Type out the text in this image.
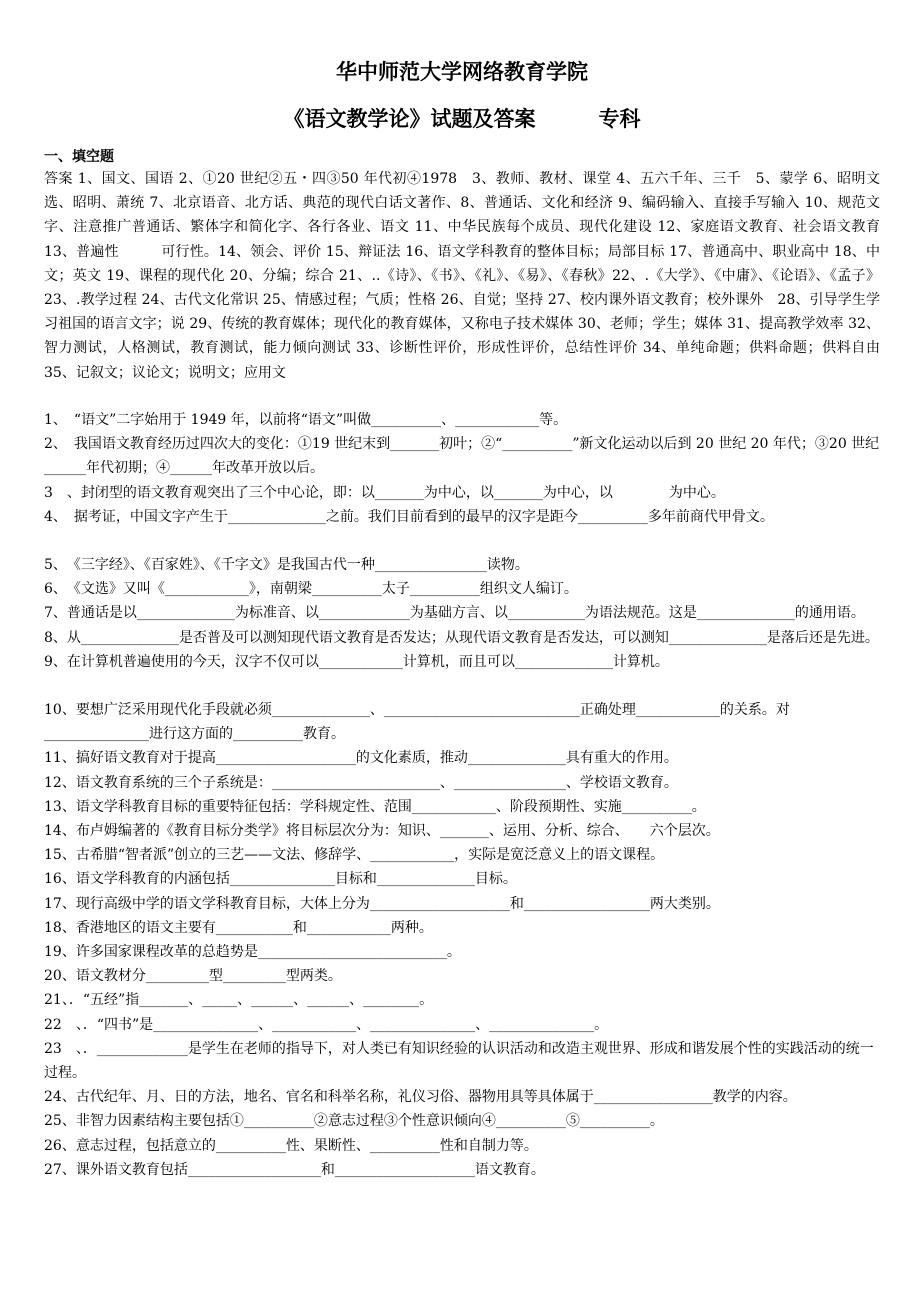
华中师范大学网络教育学院
《语文教学论》试题及答案　　　专科
一、填空题
答案 1、国文、国语 2、①20 世纪②五・四③50 年代初④1978　3、教师、教材、课堂 4、五六千年、三千　5、蒙学 6、昭明文选、昭明、萧统 7、北京语音、北方话、典范的现代白话文著作、8、普通话、文化和经济 9、编码输入、直接手写输入 10、规范文字、注意推广普通话、繁体字和简化字、各行各业、语文 11、中华民族每个成员、现代化建设 12、家庭语文教育、社会语文教育 13、普遍性　　　可行性。14、领会、评价 15、辩证法 16、语文学科教育的整体目标；局部目标 17、普通高中、职业高中 18、中文；英文 19、课程的现代化 20、分编；综合 21、..《诗》、《书》、《礼》、《易》、《春秋》22、.《大学》、《中庸》、《论语》、《孟子》23、.教学过程 24、古代文化常识 25、情感过程；气质；性格 26、自觉；坚持 27、校内课外语文教育；校外课外　28、引导学生学习祖国的语言文字；说 29、传统的教育媒体；现代化的教育媒体，又称电子技术媒体 30、老师；学生；媒体 31、提高教学效率 32、智力测试，人格测试，教育测试，能力倾向测试 33、诊断性评价，形成性评价，总结性评价 34、单纯命题；供料命题；供料自由 35、记叙文；议论文；说明文；应用文

1、　“语文”二字始用于 1949 年，以前将“语文”叫做__________、____________等。

2、　我国语文教育经历过四次大的变化：①19 世纪末到_______初叶；②“__________”新文化运动以后到 20 世纪 20 年代；③20 世纪______年代初期；④______年改革开放以后。

3　、封闭型的语文教育观突出了三个中心论，即：以_______为中心，以_______为中心，以　　　　为中心。

4、　据考证，中国文字产生于______________之前。我们目前看到的最早的汉字是距今__________多年前商代甲骨文。

5、　《三字经》、《百家姓》、《千字文》是我国古代一种________________读物。

6、　《文选》又叫《____________》，南朝梁__________太子__________组织文人编订。

7、普通话是以______________为标准音、以_____________为基础方言、以___________为语法规范。这是______________的通用语。

8、从______________是否普及可以测知现代语文教育是否发达；从现代语文教育是否发达，可以测知______________是落后还是先进。

9、在计算机普遍使用的今天，汉字不仅可以____________计算机，而且可以______________计算机。

10、要想广泛采用现代化手段就必须______________、____________________________正确处理____________的关系。对_______________进行这方面的__________教育。

11、搞好语文教育对于提高____________________的文化素质，推动______________具有重大的作用。

12、语文教育系统的三个子系统是：________________________、________________、学校语文教育。

13、语文学科教育目标的重要特征包括：学科规定性、范围____________、阶段预期性、实施__________。

14、布卢姆编著的《教育目标分类学》将目标层次分为：知识、_______、运用、分析、综合、　　六个层次。

15、古希腊“智者派”创立的三艺——文法、修辞学、____________，实际是宽泛意义上的语文课程。

16、语文学科教育的内涵包括_______________目标和______________目标。

17、现行高级中学的语文学科教育目标，大体上分为____________________和__________________两大类别。

18、香港地区的语文主要有___________和____________两种。

19、许多国家课程改革的总趋势是___________________________。

20、语文教材分_________型_________型两类。

21、．“五经”指_______、_____、______、______、________。

22　、．“四书”是_______________、____________、_______________、_______________。

23　、．_____________是学生在老师的指导下，对人类已有知识经验的认识活动和改造主观世界、形成和谐发展个性的实践活动的统一过程。

24、古代纪年、月、日的方法，地名、官名和科举名称，礼仪习俗、器物用具等具体属于_________________教学的内容。

25、非智力因素结构主要包括①__________②意志过程③个性意识倾向④__________⑤__________。

26、意志过程，包括意立的__________性、果断性、__________性和自制力等。

27、课外语文教育包括___________________和____________________语文教育。
